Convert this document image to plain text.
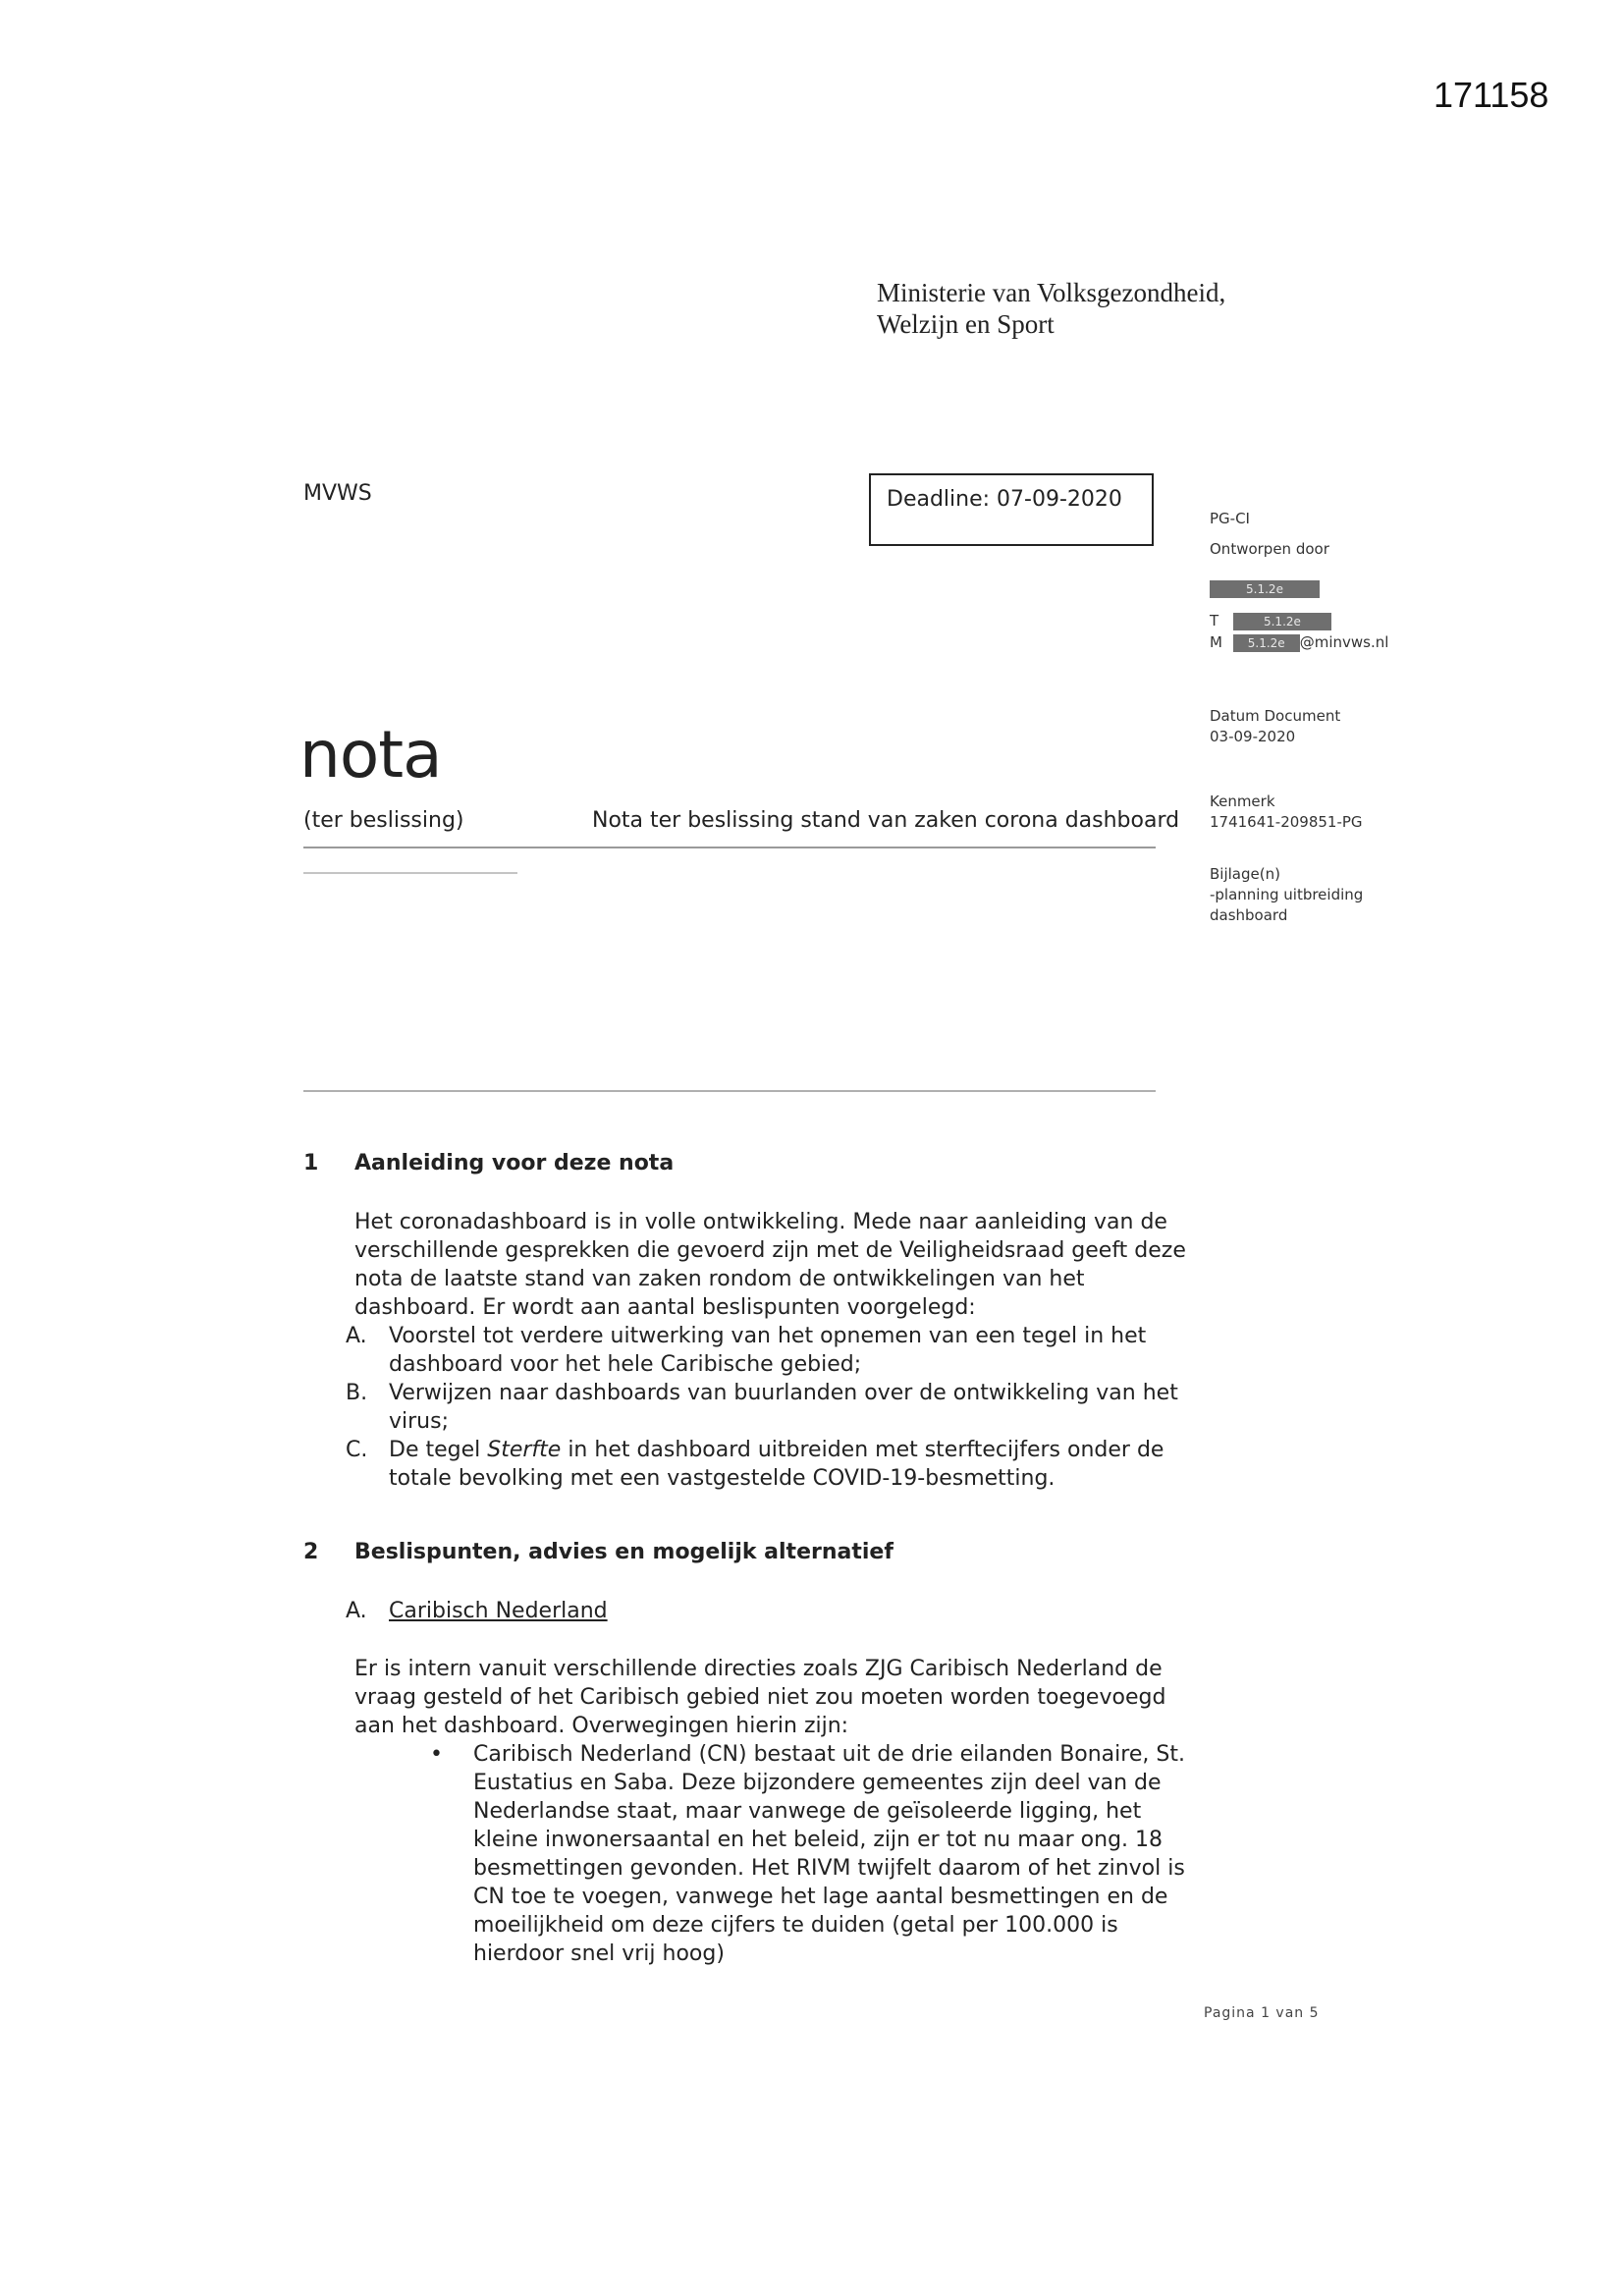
171158
Ministerie van Volksgezondheid,
Welzijn en Sport
MVWS	Deadline: 07-09-2020
PG-CI
Ontworpen door
5.1.2e
T	5.1.2e
M 5.1.2e @minvws.nl
Datum Document
03-09-2020
Kenmerk
1741641-209851-PG
Bijlage(n)
-planning uitbreiding
dashboard
nota
(ter beslissing)	Nota ter beslissing stand van zaken corona dashboard
1 Aanleiding voor deze nota
Het coronadashboard is in volle ontwikkeling. Mede naar aanleiding van de
verschillende gesprekken die gevoerd zijn met de Veiligheidsraad geeft deze
nota de laatste stand van zaken rondom de ontwikkelingen van het
dashboard. Er wordt aan aantal beslispunten voorgelegd:
A. Voorstel tot verdere uitwerking van het opnemen van een tegel in het
dashboard voor het hele Caribische gebied;
B. Verwijzen naar dashboards van buurlanden over de ontwikkeling van het
virus;
C. De tegel Sterfte in het dashboard uitbreiden met sterftecijfers onder de
totale bevolking met een vastgestelde COVID-19-besmetting.
2 Beslispunten, advies en mogelijk alternatief
A. Caribisch Nederland
Er is intern vanuit verschillende directies zoals ZJG Caribisch Nederland de
vraag gesteld of het Caribisch gebied niet zou moeten worden toegevoegd
aan het dashboard. Overwegingen hierin zijn:
• Caribisch Nederland (CN) bestaat uit de drie eilanden Bonaire, St.
Eustatius en Saba. Deze bijzondere gemeentes zijn deel van de
Nederlandse staat, maar vanwege de geïsoleerde ligging, het
kleine inwonersaantal en het beleid, zijn er tot nu maar ong. 18
besmettingen gevonden. Het RIVM twijfelt daarom of het zinvol is
CN toe te voegen, vanwege het lage aantal besmettingen en de
moeilijkheid om deze cijfers te duiden (getal per 100.000 is
hierdoor snel vrij hoog)
Pagina 1 van 5
